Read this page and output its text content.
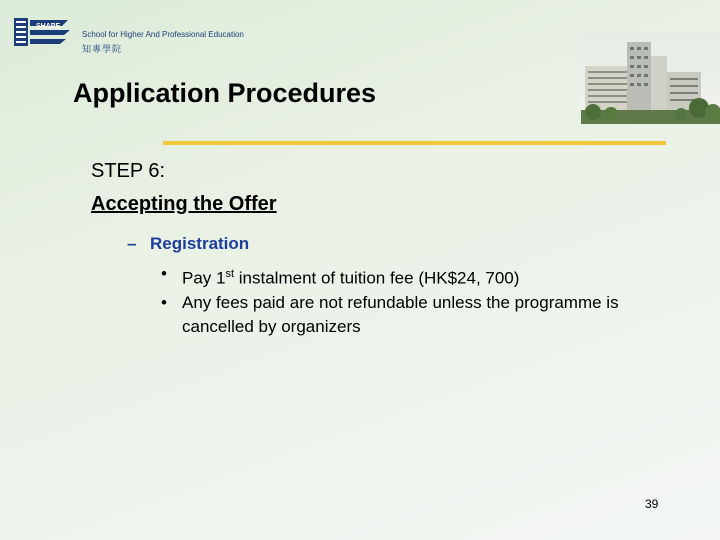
SHAPE
School for Higher And Professional Education
知專學院
Application Procedures
STEP 6:
Accepting the Offer
– Registration
• Pay 1st instalment of tuition fee (HK$24, 700)
• Any fees paid are not refundable unless the programme is cancelled by organizers
39
